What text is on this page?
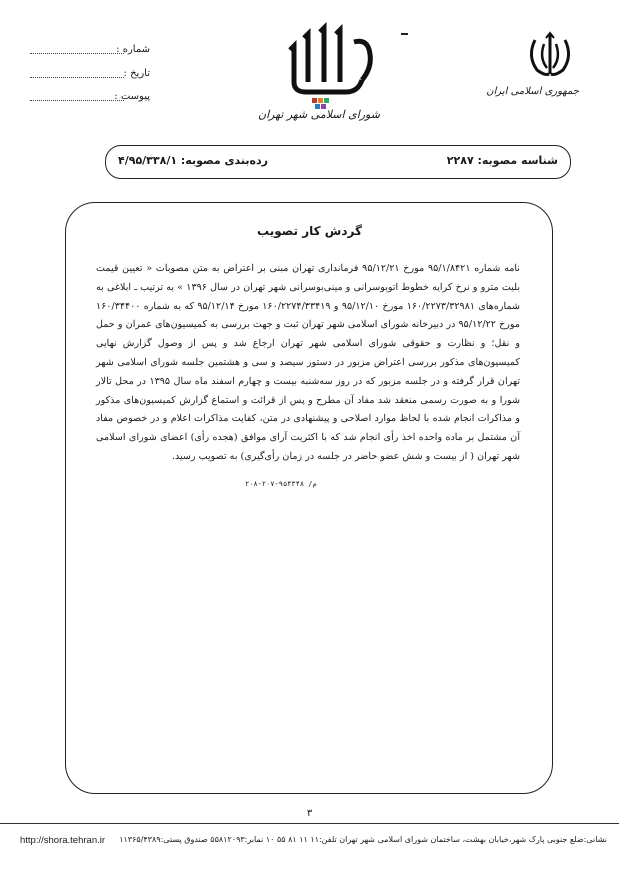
شماره :
تاریخ :
پیوست :
شورای اسلامی شهر تهران
جمهوری اسلامی ایران
شناسه مصوبه: ۲۲۸۷
رده‌بندی مصوبه: ۴/۹۵/۳۳۸/۱
گردش کار تصویب
نامه شماره ۹۵/۱/۸۴۲۱ مورخ ۹۵/۱۲/۲۱ فرمانداری تهران مبنی بر اعتراض به متن مصوبات « تعیین قیمت بلیت مترو و نرخ کرایه خطوط اتوبوسرانی و مینی‌بوسرانی شهر تهران در سال ۱۳۹۶ » به ترتیب ـ ابلاغی به شماره‌های ۱۶۰/۲۲۷۳/۳۲۹۸۱ مورخ ۹۵/۱۲/۱۰ و ۱۶۰/۲۲۷۴/۳۳۴۱۹ مورخ ۹۵/۱۲/۱۴ که به شماره ۱۶۰/۳۴۴۰۰ مورخ ۹۵/۱۲/۲۲ در دبیرخانه شورای اسلامی شهر تهران ثبت و جهت بررسی به کمیسیون‌های عمران و حمل و نقل؛ و نظارت و حقوقی شورای اسلامی شهر تهران ارجاع شد و پس از وصول گزارش نهایی کمیسیون‌های مذکور بررسی اعتراض مزبور در دستور سیصد و سی و هشتمین جلسه شورای اسلامی شهر تهران قرار گرفته و در جلسه مزبور که در روز سه‌شنبه بیست و چهارم اسفند ماه سال ۱۳۹۵ در محل تالار شورا و به صورت رسمی منعقد شد مفاد آن مطرح و پس از قرائت و استماع گزارش کمیسیون‌های مذکور و مذاکرات انجام شده با لحاظ موارد اصلاحی و پیشنهادی در متن، کفایت مذاکرات اعلام و در خصوص مفاد آن مشتمل بر ماده واحده اخذ رأی انجام شد که با اکثریت آرای موافق (هجده رأی) اعضای شورای اسلامی شهر تهران ( از بیست و شش عضو حاضر در جلسه در زمان رأی‌گیری) به تصویب رسید.
م/ ۹۵۴۳۴۸-۲۰۷-۲۰۸
۳
نشانی:ضلع جنوبی پارک شهر،خیابان بهشت، ساختمان شورای اسلامی شهر تهران تلفن:۱۱ ۱۱ ۸۱ ۵۵ ۱۰ نمابر:۵۵۸۱۲۰۹۳ صندوق پستی:۱۱۳۶۵/۴۳۸۹
http://shora.tehran.ir
